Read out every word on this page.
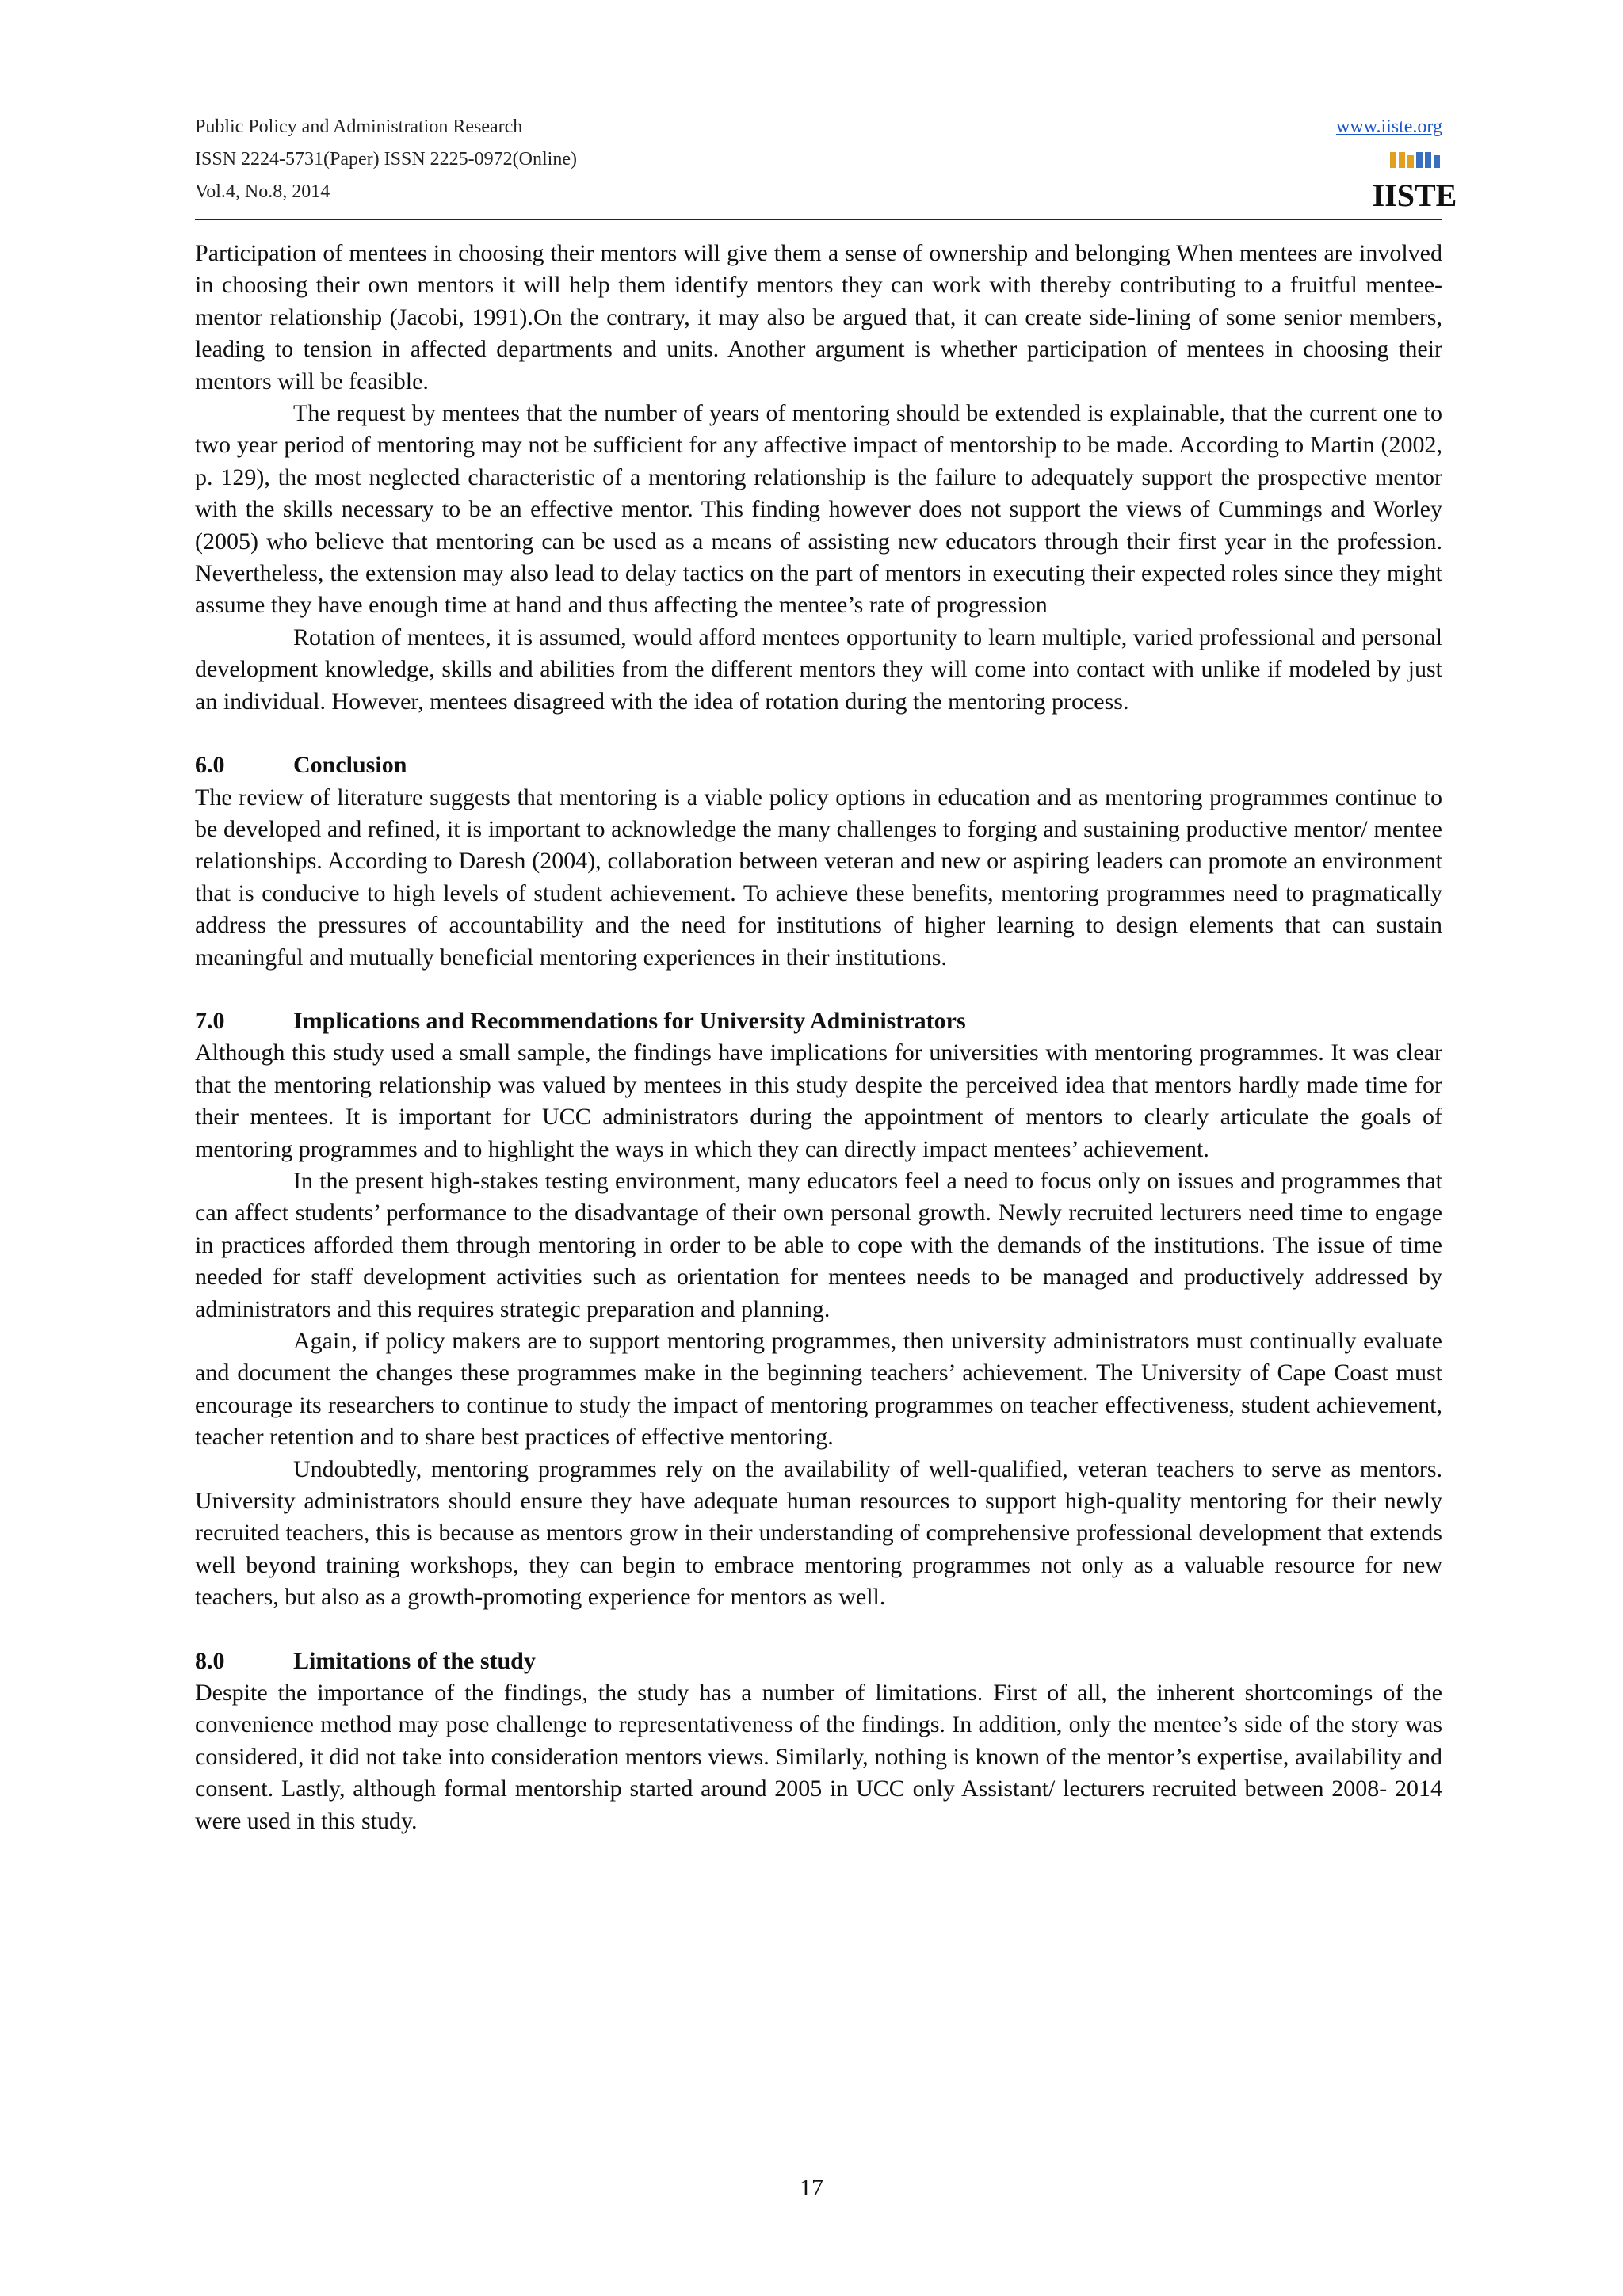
Public Policy and Administration Research
ISSN 2224-5731(Paper) ISSN 2225-0972(Online)
Vol.4, No.8, 2014
www.iiste.org
IISTE

Participation of mentees in choosing their mentors will give them a sense of ownership and belonging When mentees are involved in choosing their own mentors it will help them identify mentors they can work with thereby contributing to a fruitful mentee-mentor relationship (Jacobi, 1991).On the contrary, it may also be argued that, it can create side-lining of some senior members, leading to tension in affected departments and units. Another argument is whether participation of mentees in choosing their mentors will be feasible.

The request by mentees that the number of years of mentoring should be extended is explainable, that the current one to two year period of mentoring may not be sufficient for any affective impact of mentorship to be made. According to Martin (2002, p. 129), the most neglected characteristic of a mentoring relationship is the failure to adequately support the prospective mentor with the skills necessary to be an effective mentor. This finding however does not support the views of Cummings and Worley (2005) who believe that mentoring can be used as a means of assisting new educators through their first year in the profession. Nevertheless, the extension may also lead to delay tactics on the part of mentors in executing their expected roles since they might assume they have enough time at hand and thus affecting the mentee’s rate of progression

Rotation of mentees, it is assumed, would afford mentees opportunity to learn multiple, varied professional and personal development knowledge, skills and abilities from the different mentors they will come into contact with unlike if modeled by just an individual. However, mentees disagreed with the idea of rotation during the mentoring process.

6.0	Conclusion

The review of literature suggests that mentoring is a viable policy options in education and as mentoring programmes continue to be developed and refined, it is important to acknowledge the many challenges to forging and sustaining productive mentor/ mentee relationships. According to Daresh (2004), collaboration between veteran and new or aspiring leaders can promote an environment that is conducive to high levels of student achievement. To achieve these benefits, mentoring programmes need to pragmatically address the pressures of accountability and the need for institutions of higher learning to design elements that can sustain meaningful and mutually beneficial mentoring experiences in their institutions.

7.0	Implications and Recommendations for University Administrators

Although this study used a small sample, the findings have implications for universities with mentoring programmes. It was clear that the mentoring relationship was valued by mentees in this study despite the perceived idea that mentors hardly made time for their mentees. It is important for UCC administrators during the appointment of mentors to clearly articulate the goals of mentoring programmes and to highlight the ways in which they can directly impact mentees’ achievement.

In the present high-stakes testing environment, many educators feel a need to focus only on issues and programmes that can affect students’ performance to the disadvantage of their own personal growth. Newly recruited lecturers need time to engage in practices afforded them through mentoring in order to be able to cope with the demands of the institutions. The issue of time needed for staff development activities such as orientation for mentees needs to be managed and productively addressed by administrators and this requires strategic preparation and planning.

Again, if policy makers are to support mentoring programmes, then university administrators must continually evaluate and document the changes these programmes make in the beginning teachers’ achievement. The University of Cape Coast must encourage its researchers to continue to study the impact of mentoring programmes on teacher effectiveness, student achievement, teacher retention and to share best practices of effective mentoring.

Undoubtedly, mentoring programmes rely on the availability of well-qualified, veteran teachers to serve as mentors. University administrators should ensure they have adequate human resources to support high-quality mentoring for their newly recruited teachers, this is because as mentors grow in their understanding of comprehensive professional development that extends well beyond training workshops, they can begin to embrace mentoring programmes not only as a valuable resource for new teachers, but also as a growth-promoting experience for mentors as well.

8.0	Limitations of the study

Despite the importance of the findings, the study has a number of limitations. First of all, the inherent shortcomings of the convenience method may pose challenge to representativeness of the findings. In addition, only the mentee’s side of the story was considered, it did not take into consideration mentors views. Similarly, nothing is known of the mentor’s expertise, availability and consent. Lastly, although formal mentorship started around 2005 in UCC only Assistant/ lecturers recruited between 2008- 2014 were used in this study.

17
